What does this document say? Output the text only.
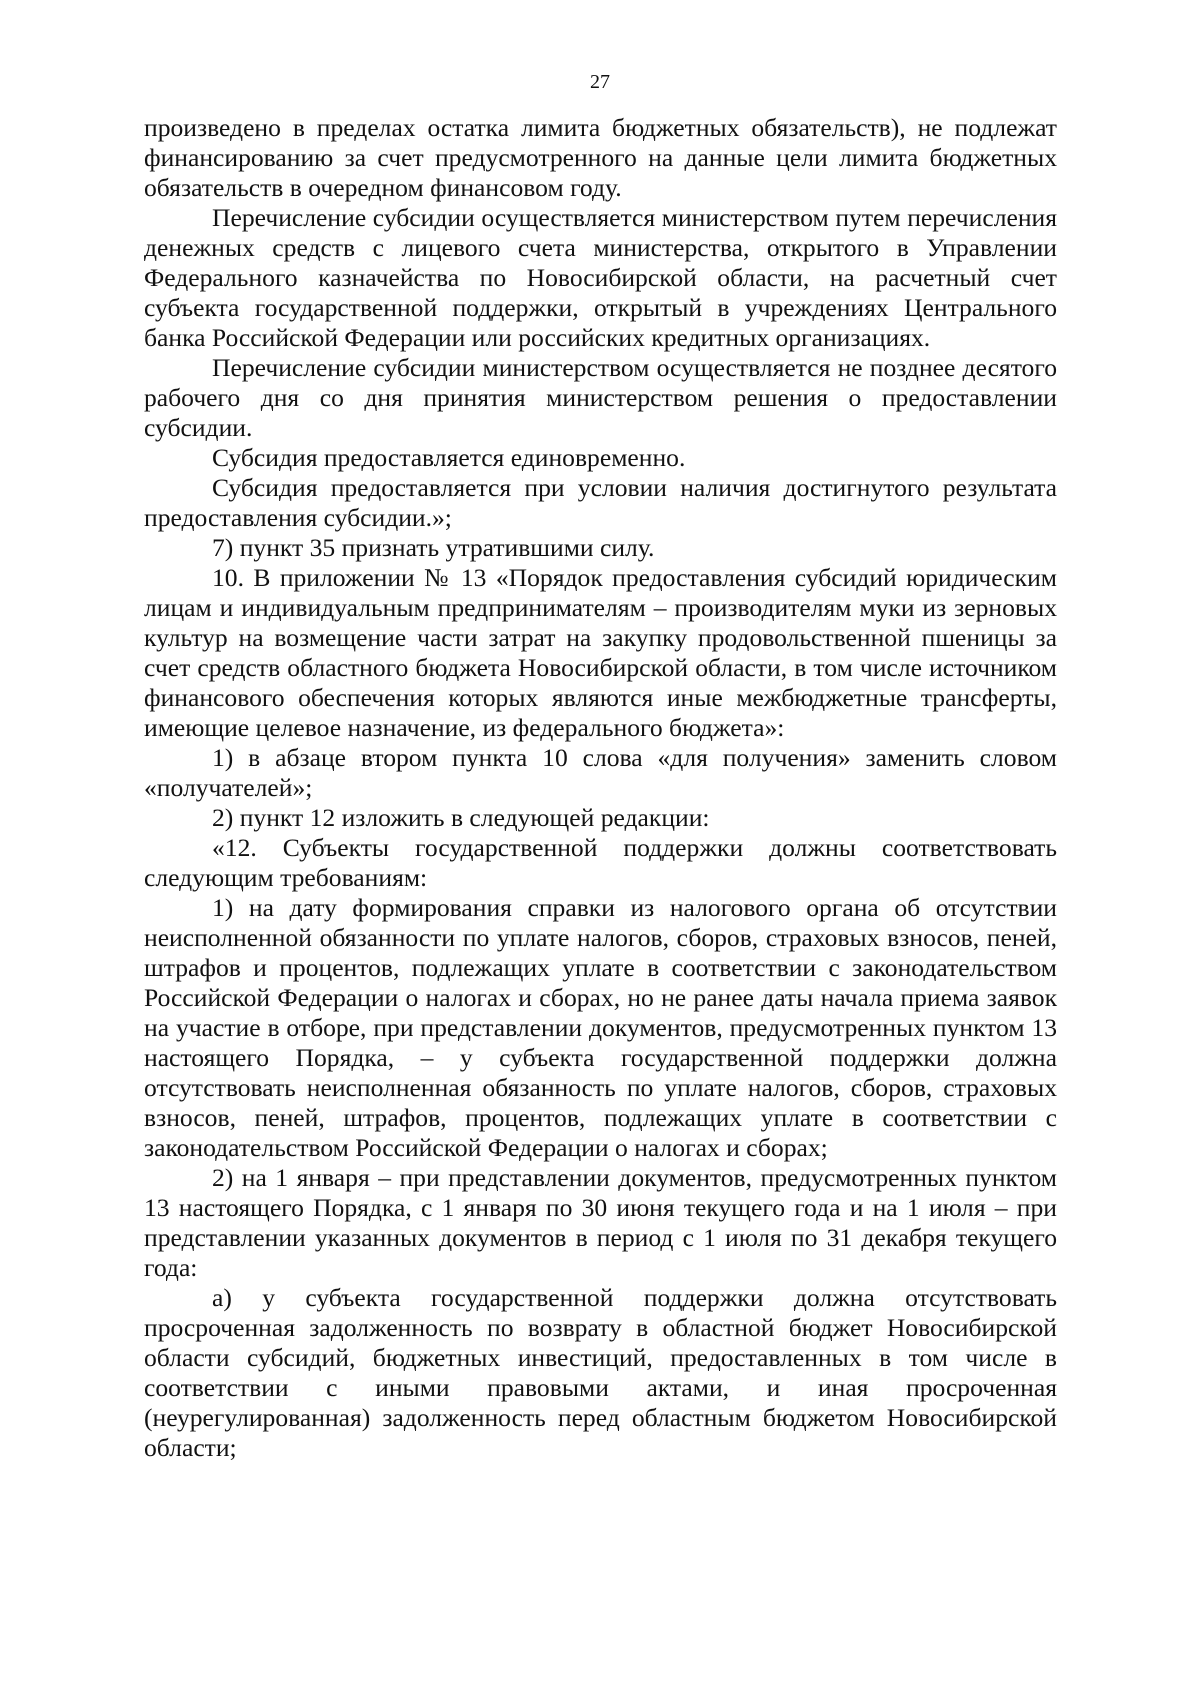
27

произведено в пределах остатка лимита бюджетных обязательств), не подлежат финансированию за счет предусмотренного на данные цели лимита бюджетных обязательств в очередном финансовом году.

Перечисление субсидии осуществляется министерством путем перечисления денежных средств с лицевого счета министерства, открытого в Управлении Федерального казначейства по Новосибирской области, на расчетный счет субъекта государственной поддержки, открытый в учреждениях Центрального банка Российской Федерации или российских кредитных организациях.

Перечисление субсидии министерством осуществляется не позднее десятого рабочего дня со дня принятия министерством решения о предоставлении субсидии.

Субсидия предоставляется единовременно.

Субсидия предоставляется при условии наличия достигнутого результата предоставления субсидии.»;

7) пункт 35 признать утратившими силу.

10. В приложении № 13 «Порядок предоставления субсидий юридическим лицам и индивидуальным предпринимателям – производителям муки из зерновых культур на возмещение части затрат на закупку продовольственной пшеницы за счет средств областного бюджета Новосибирской области, в том числе источником финансового обеспечения которых являются иные межбюджетные трансферты, имеющие целевое назначение, из федерального бюджета»:

1) в абзаце втором пункта 10 слова «для получения» заменить словом «получателей»;

2) пункт 12 изложить в следующей редакции:

«12. Субъекты государственной поддержки должны соответствовать следующим требованиям:

1) на дату формирования справки из налогового органа об отсутствии неисполненной обязанности по уплате налогов, сборов, страховых взносов, пеней, штрафов и процентов, подлежащих уплате в соответствии с законодательством Российской Федерации о налогах и сборах, но не ранее даты начала приема заявок на участие в отборе, при представлении документов, предусмотренных пунктом 13 настоящего Порядка, – у субъекта государственной поддержки должна отсутствовать неисполненная обязанность по уплате налогов, сборов, страховых взносов, пеней, штрафов, процентов, подлежащих уплате в соответствии с законодательством Российской Федерации о налогах и сборах;

2) на 1 января – при представлении документов, предусмотренных пунктом 13 настоящего Порядка, с 1 января по 30 июня текущего года и на 1 июля – при представлении указанных документов в период с 1 июля по 31 декабря текущего года:

а) у субъекта государственной поддержки должна отсутствовать просроченная задолженность по возврату в областной бюджет Новосибирской области субсидий, бюджетных инвестиций, предоставленных в том числе в соответствии с иными правовыми актами, и иная просроченная (неурегулированная) задолженность перед областным бюджетом Новосибирской области;
